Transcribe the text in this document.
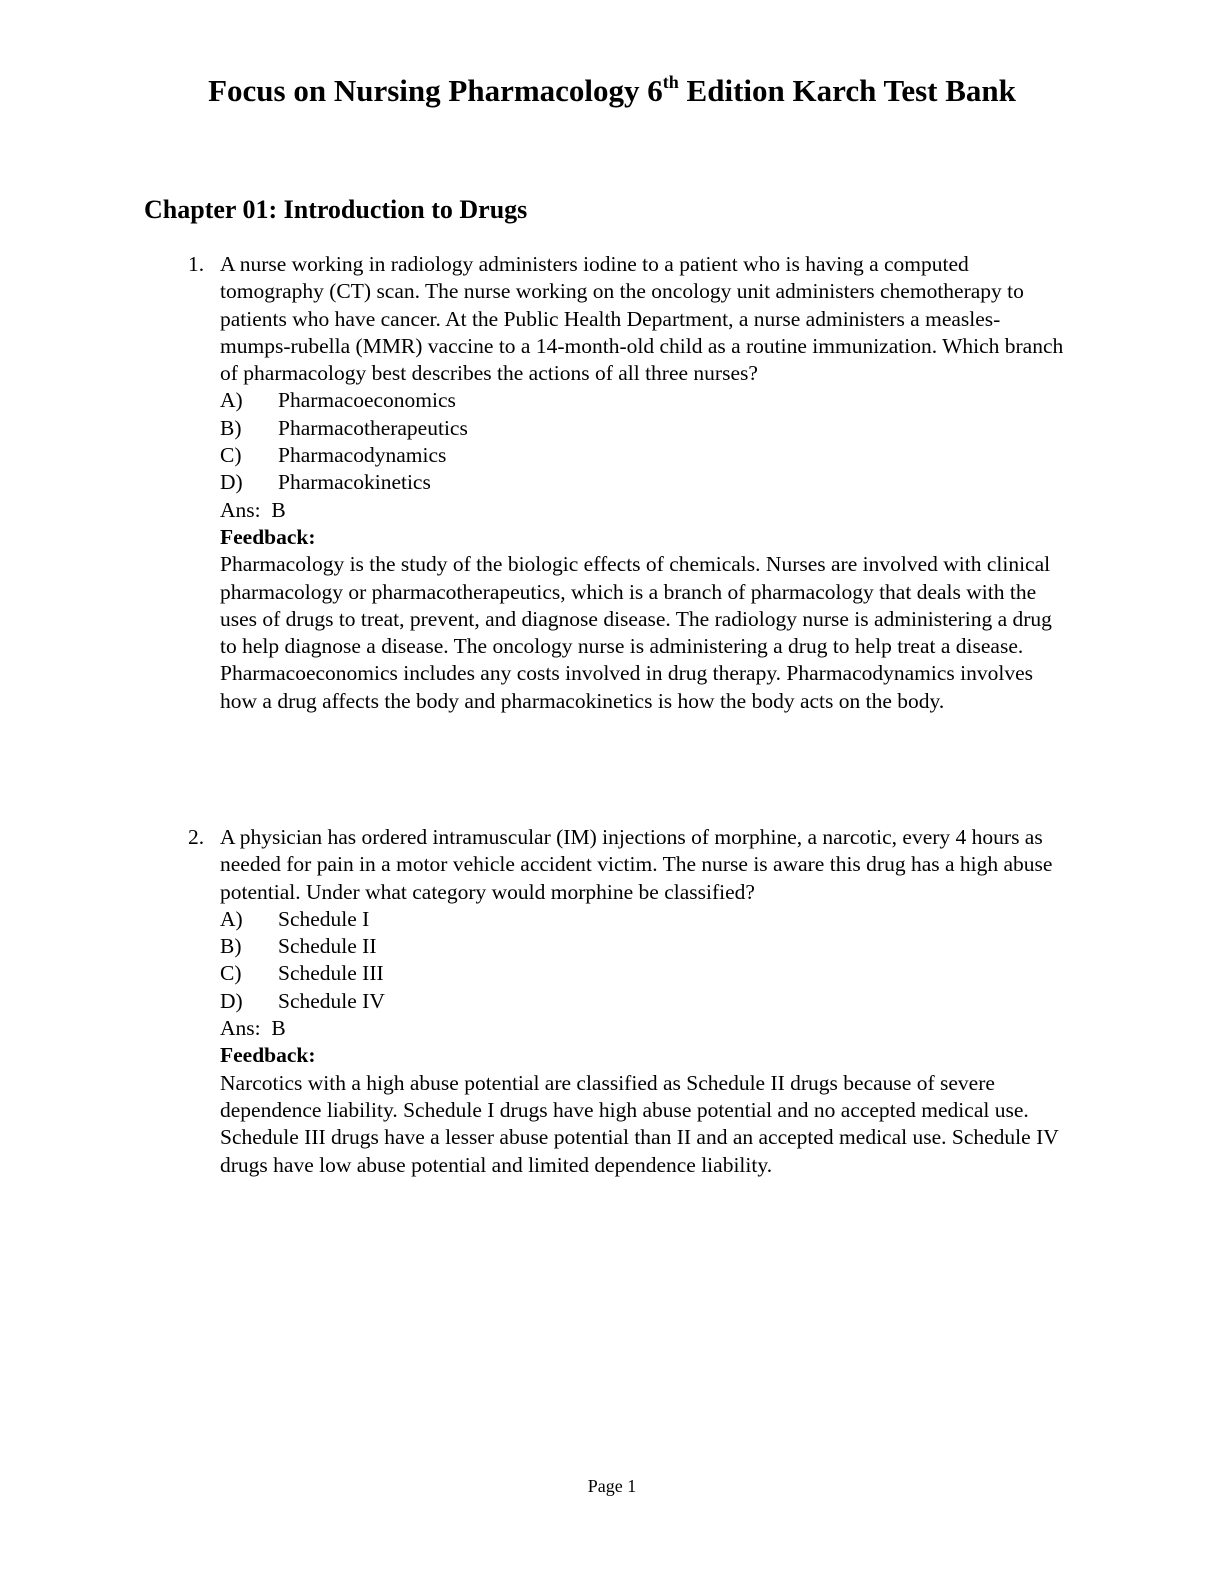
Focus on Nursing Pharmacology 6th Edition Karch Test Bank
Chapter 01: Introduction to Drugs
1. A nurse working in radiology administers iodine to a patient who is having a computed tomography (CT) scan. The nurse working on the oncology unit administers chemotherapy to patients who have cancer. At the Public Health Department, a nurse administers a measles-mumps-rubella (MMR) vaccine to a 14-month-old child as a routine immunization. Which branch of pharmacology best describes the actions of all three nurses?
A)	Pharmacoeconomics
B)	Pharmacotherapeutics
C)	Pharmacodynamics
D)	Pharmacokinetics
Ans:  B
Feedback:
Pharmacology is the study of the biologic effects of chemicals. Nurses are involved with clinical pharmacology or pharmacotherapeutics, which is a branch of pharmacology that deals with the uses of drugs to treat, prevent, and diagnose disease. The radiology nurse is administering a drug to help diagnose a disease. The oncology nurse is administering a drug to help treat a disease. Pharmacoeconomics includes any costs involved in drug therapy. Pharmacodynamics involves how a drug affects the body and pharmacokinetics is how the body acts on the body.
2. A physician has ordered intramuscular (IM) injections of morphine, a narcotic, every 4 hours as needed for pain in a motor vehicle accident victim. The nurse is aware this drug has a high abuse potential. Under what category would morphine be classified?
A)	Schedule I
B)	Schedule II
C)	Schedule III
D)	Schedule IV
Ans:  B
Feedback:
Narcotics with a high abuse potential are classified as Schedule II drugs because of severe dependence liability. Schedule I drugs have high abuse potential and no accepted medical use. Schedule III drugs have a lesser abuse potential than II and an accepted medical use. Schedule IV drugs have low abuse potential and limited dependence liability.
Page 1
